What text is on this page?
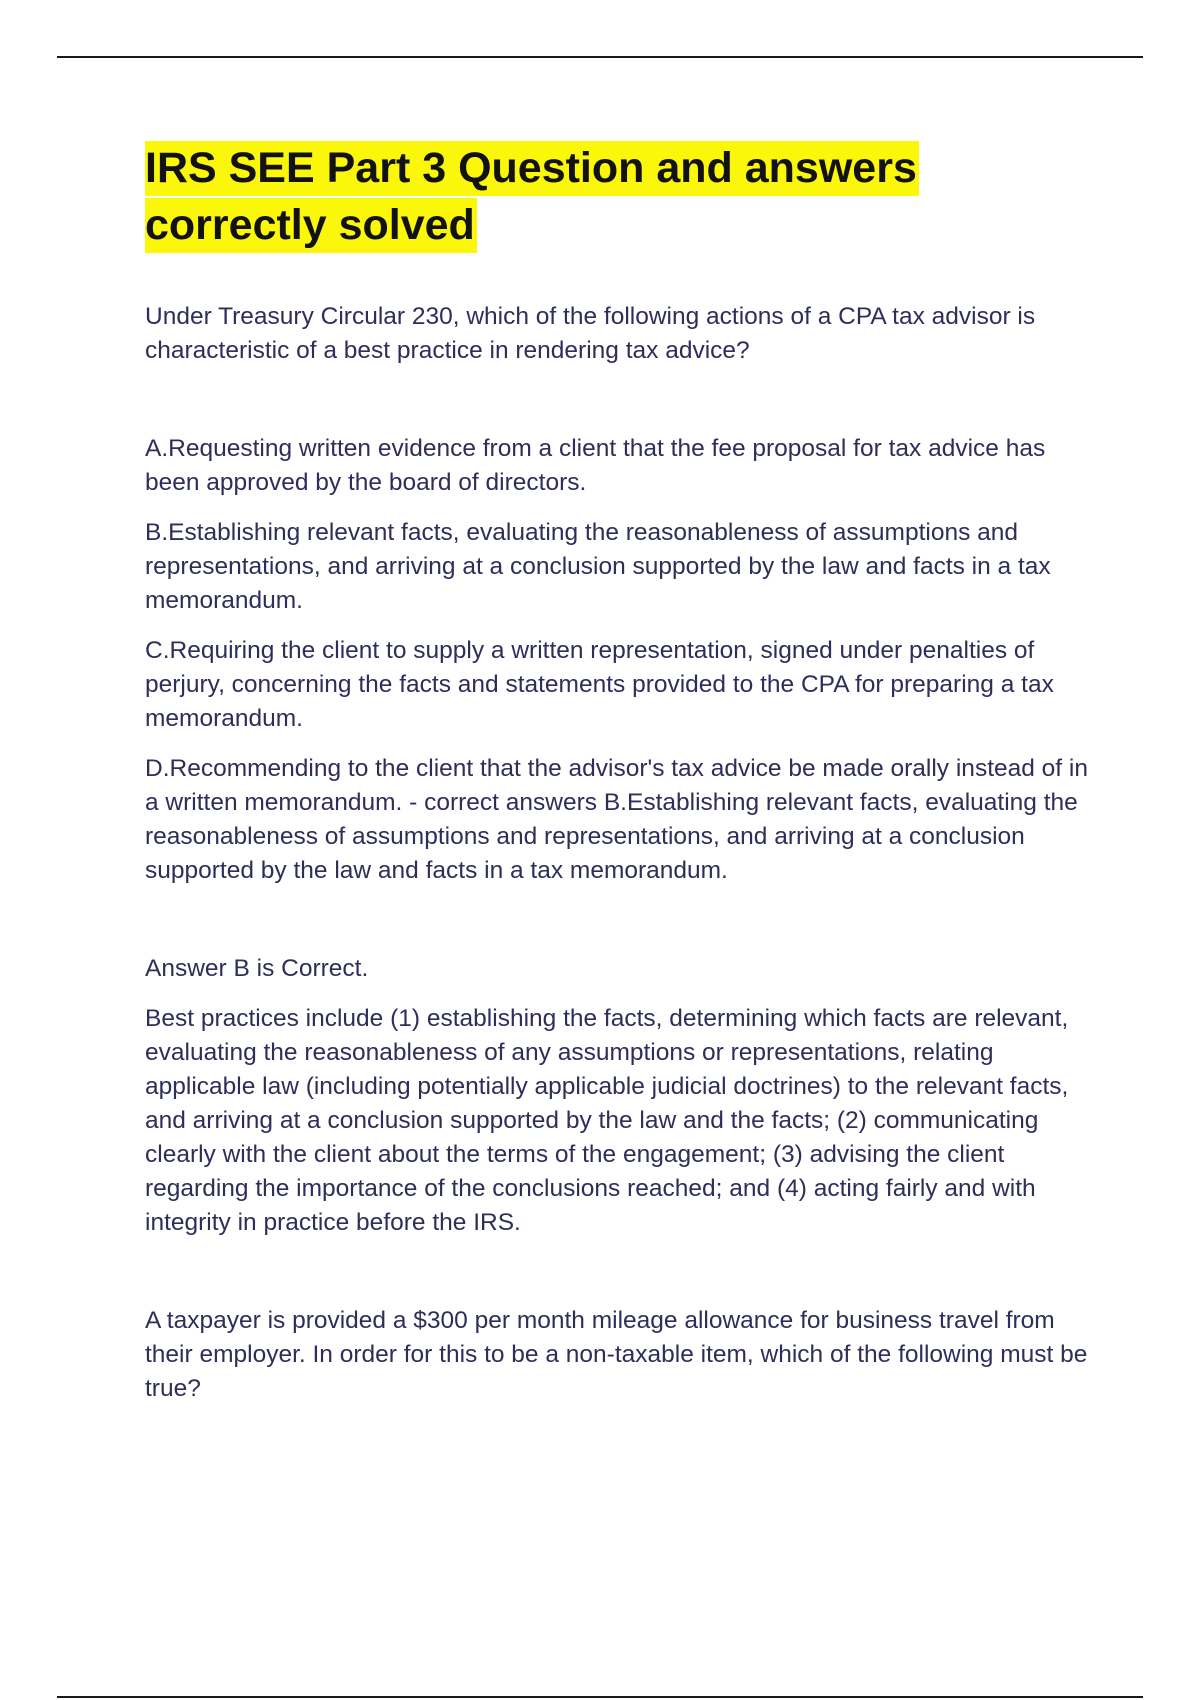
IRS SEE Part 3 Question and answers
correctly solved

Under Treasury Circular 230, which of the following actions of a CPA tax advisor is characteristic of a best practice in rendering tax advice?

A.Requesting written evidence from a client that the fee proposal for tax advice has been approved by the board of directors.

B.Establishing relevant facts, evaluating the reasonableness of assumptions and representations, and arriving at a conclusion supported by the law and facts in a tax memorandum.

C.Requiring the client to supply a written representation, signed under penalties of perjury, concerning the facts and statements provided to the CPA for preparing a tax memorandum.

D.Recommending to the client that the advisor's tax advice be made orally instead of in a written memorandum. - correct answers B.Establishing relevant facts, evaluating the reasonableness of assumptions and representations, and arriving at a conclusion supported by the law and facts in a tax memorandum.

Answer B is Correct.

Best practices include (1) establishing the facts, determining which facts are relevant, evaluating the reasonableness of any assumptions or representations, relating applicable law (including potentially applicable judicial doctrines) to the relevant facts, and arriving at a conclusion supported by the law and the facts; (2) communicating clearly with the client about the terms of the engagement; (3) advising the client regarding the importance of the conclusions reached; and (4) acting fairly and with integrity in practice before the IRS.

A taxpayer is provided a $300 per month mileage allowance for business travel from their employer. In order for this to be a non-taxable item, which of the following must be true?
